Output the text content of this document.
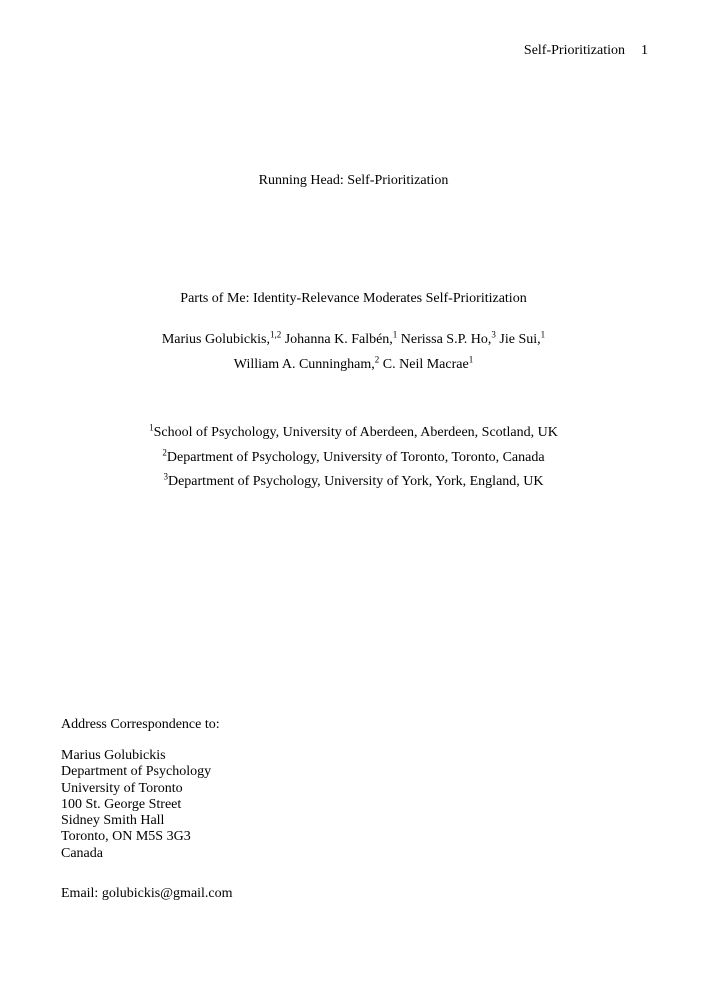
Self-Prioritization 1
Running Head: Self-Prioritization
Parts of Me: Identity-Relevance Moderates Self-Prioritization
Marius Golubickis,$^{1,2}$ Johanna K. Falbén,$^1$ Nerissa S.P. Ho,$^3$ Jie Sui,$^1$
William A. Cunningham,$^2$ C. Neil Macrae$^1$
$^1$School of Psychology, University of Aberdeen, Aberdeen, Scotland, UK
$^2$Department of Psychology, University of Toronto, Toronto, Canada
$^3$Department of Psychology, University of York, York, England, UK
Address Correspondence to:
Marius Golubickis
Department of Psychology
University of Toronto
100 St. George Street
Sidney Smith Hall
Toronto, ON M5S 3G3
Canada
Email: golubickis@gmail.com
